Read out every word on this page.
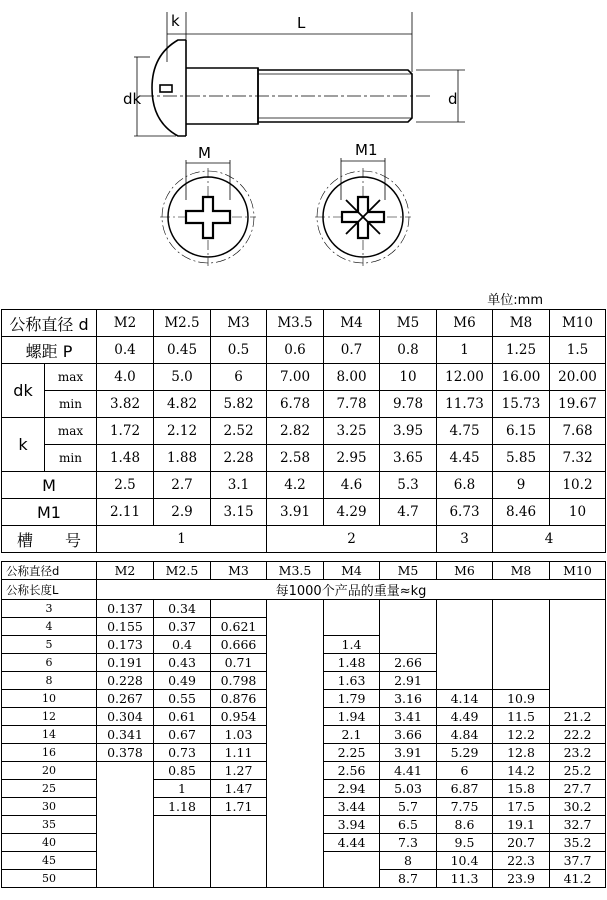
k	L
dk	d
M	M1
单位:mm
公称直径 d		M2	M2.5	M3	M3.5	M4	M5	M6	M8	M10
螺距 P		0.4	0.45	0.5	0.6	0.7	0.8	1	1.25	1.5
dk	max	4.0	5.0	6	7.00	8.00	10	12.00	16.00	20.00
	min	3.82	4.82	5.82	6.78	7.78	9.78	11.73	15.73	19.67
k	max	1.72	2.12	2.52	2.82	3.25	3.95	4.75	6.15	7.68
	min	1.48	1.88	2.28	2.58	2.95	3.65	4.45	5.85	7.32
M		2.5	2.7	3.1	4.2	4.6	5.3	6.8	9	10.2
M1		2.11	2.9	3.15	3.91	4.29	4.7	6.73	8.46	10
槽　　号		1			2			3	4	
公称直径d	M2	M2.5	M3	M3.5	M4	M5	M6	M8	M10
公称长度L	每1000个产品的重量≈kg								
3	0.137	0.34							
4	0.155	0.37	0.621						
5	0.173	0.4	0.666		1.4				
6	0.191	0.43	0.71		1.48	2.66			
8	0.228	0.49	0.798		1.63	2.91			
10	0.267	0.55	0.876		1.79	3.16	4.14	10.9	
12	0.304	0.61	0.954		1.94	3.41	4.49	11.5	21.2
14	0.341	0.67	1.03		2.1	3.66	4.84	12.2	22.2
16	0.378	0.73	1.11		2.25	3.91	5.29	12.8	23.2
20		0.85	1.27		2.56	4.41	6	14.2	25.2
25		1	1.47		2.94	5.03	6.87	15.8	27.7
30		1.18	1.71		3.44	5.7	7.75	17.5	30.2
35					3.94	6.5	8.6	19.1	32.7
40					4.44	7.3	9.5	20.7	35.2
45						8	10.4	22.3	37.7
50						8.7	11.3	23.9	41.2
